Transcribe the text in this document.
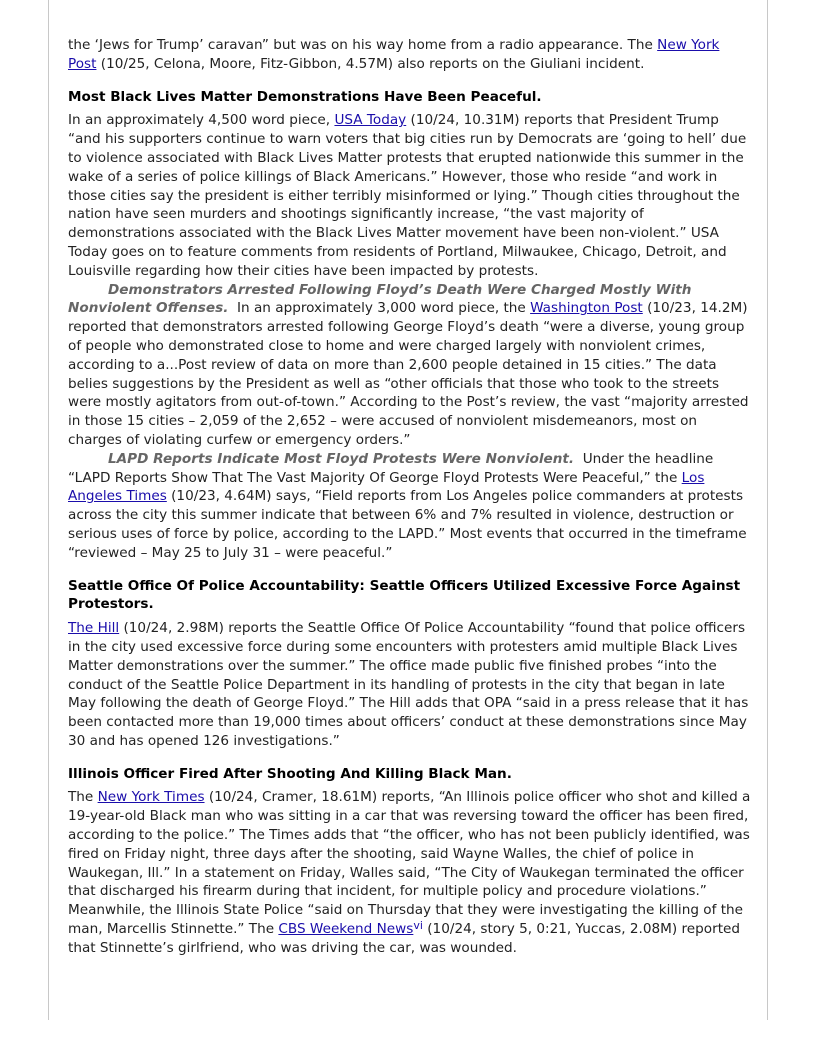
the ‘Jews for Trump’ caravan” but was on his way home from a radio appearance. The New York Post (10/25, Celona, Moore, Fitz-Gibbon, 4.57M) also reports on the Giuliani incident.

Most Black Lives Matter Demonstrations Have Been Peaceful.

In an approximately 4,500 word piece, USA Today (10/24, 10.31M) reports that President Trump “and his supporters continue to warn voters that big cities run by Democrats are ‘going to hell’ due to violence associated with Black Lives Matter protests that erupted nationwide this summer in the wake of a series of police killings of Black Americans.” However, those who reside “and work in those cities say the president is either terribly misinformed or lying.” Though cities throughout the nation have seen murders and shootings significantly increase, “the vast majority of demonstrations associated with the Black Lives Matter movement have been non-violent.” USA Today goes on to feature comments from residents of Portland, Milwaukee, Chicago, Detroit, and Louisville regarding how their cities have been impacted by protests.

Demonstrators Arrested Following Floyd’s Death Were Charged Mostly With Nonviolent Offenses.  In an approximately 3,000 word piece, the Washington Post (10/23, 14.2M) reported that demonstrators arrested following George Floyd’s death “were a diverse, young group of people who demonstrated close to home and were charged largely with nonviolent crimes, according to a...Post review of data on more than 2,600 people detained in 15 cities.” The data belies suggestions by the President as well as “other officials that those who took to the streets were mostly agitators from out-of-town.” According to the Post’s review, the vast “majority arrested in those 15 cities – 2,059 of the 2,652 – were accused of nonviolent misdemeanors, most on charges of violating curfew or emergency orders.”

LAPD Reports Indicate Most Floyd Protests Were Nonviolent.  Under the headline “LAPD Reports Show That The Vast Majority Of George Floyd Protests Were Peaceful,” the Los Angeles Times (10/23, 4.64M) says, “Field reports from Los Angeles police commanders at protests across the city this summer indicate that between 6% and 7% resulted in violence, destruction or serious uses of force by police, according to the LAPD.” Most events that occurred in the timeframe “reviewed – May 25 to July 31 – were peaceful.”

Seattle Office Of Police Accountability: Seattle Officers Utilized Excessive Force Against Protestors.

The Hill (10/24, 2.98M) reports the Seattle Office Of Police Accountability “found that police officers in the city used excessive force during some encounters with protesters amid multiple Black Lives Matter demonstrations over the summer.” The office made public five finished probes “into the conduct of the Seattle Police Department in its handling of protests in the city that began in late May following the death of George Floyd.” The Hill adds that OPA “said in a press release that it has been contacted more than 19,000 times about officers’ conduct at these demonstrations since May 30 and has opened 126 investigations.”

Illinois Officer Fired After Shooting And Killing Black Man.

The New York Times (10/24, Cramer, 18.61M) reports, “An Illinois police officer who shot and killed a 19-year-old Black man who was sitting in a car that was reversing toward the officer has been fired, according to the police.” The Times adds that “the officer, who has not been publicly identified, was fired on Friday night, three days after the shooting, said Wayne Walles, the chief of police in Waukegan, Ill.” In a statement on Friday, Walles said, “The City of Waukegan terminated the officer that discharged his firearm during that incident, for multiple policy and procedure violations.” Meanwhile, the Illinois State Police “said on Thursday that they were investigating the killing of the man, Marcellis Stinnette.” The CBS Weekend News$^{vi}$ (10/24, story 5, 0:21, Yuccas, 2.08M) reported that Stinnette’s girlfriend, who was driving the car, was wounded.
